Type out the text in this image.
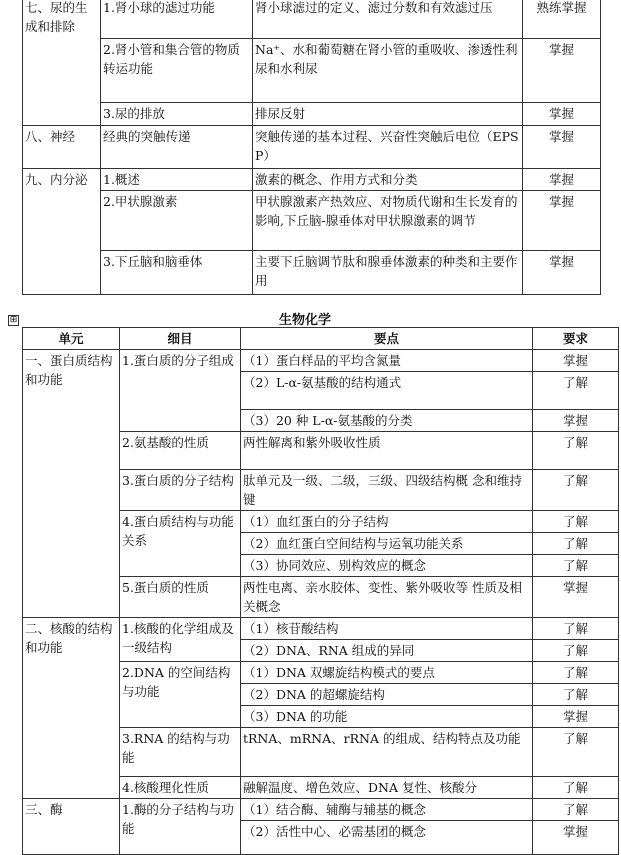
七、尿的生成和排除	1.肾小球的滤过功能	肾小球滤过的定义、滤过分数和有效滤过压	熟练掌握
	2.肾小管和集合管的物质转运功能	Na⁺、水和葡萄糖在肾小管的重吸收、渗透性利尿和水利尿	掌握
	3.尿的排放	排尿反射	掌握
八、神经	经典的突触传递	突触传递的基本过程、兴奋性突触后电位（EPSP）	掌握
九、内分泌	1.概述	激素的概念、作用方式和分类	掌握
	2.甲状腺激素	甲状腺激素产热效应、对物质代谢和生长发育的影响,下丘脑-腺垂体对甲状腺激素的调节	掌握
	3.下丘脑和脑垂体	主要下丘脑调节肽和腺垂体激素的种类和主要作用	掌握
⊞	生物化学
单元	细目	要点	要求
一、蛋白质结构和功能	1.蛋白质的分子组成	（1）蛋白样品的平均含氮量	掌握
		（2）L-α-氨基酸的结构通式	了解
		（3）20 种 L-α-氨基酸的分类	掌握
	2.氨基酸的性质	两性解离和紫外吸收性质	了解
	3.蛋白质的分子结构	肽单元及一级、二级，三级、四级结构概 念和维持键	了解
	4.蛋白质结构与功能关系	（1）血红蛋白的分子结构	了解
		（2）血红蛋白空间结构与运氧功能关系	了解
		（3）协同效应、别构效应的概念	了解
	5.蛋白质的性质	两性电离、亲水胶体、变性、紫外吸收等 性质及相关概念	掌握
二、核酸的结构和功能	1.核酸的化学组成及一级结构	（1）核苷酸结构	了解
		（2）DNA、RNA 组成的异同	了解
	2.DNA 的空间结构与功能	（1）DNA 双螺旋结构模式的要点	了解
		（2）DNA 的超螺旋结构	了解
		（3）DNA 的功能	掌握
	3.RNA 的结构与功能	tRNA、mRNA、rRNA 的组成、结构特点及功能	了解
	4.核酸理化性质	融解温度、增色效应、DNA 复性、核酸分	了解
三、酶	1.酶的分子结构与功能	（1）结合酶、辅酶与辅基的概念	了解
		（2）活性中心、必需基团的概念	掌握
